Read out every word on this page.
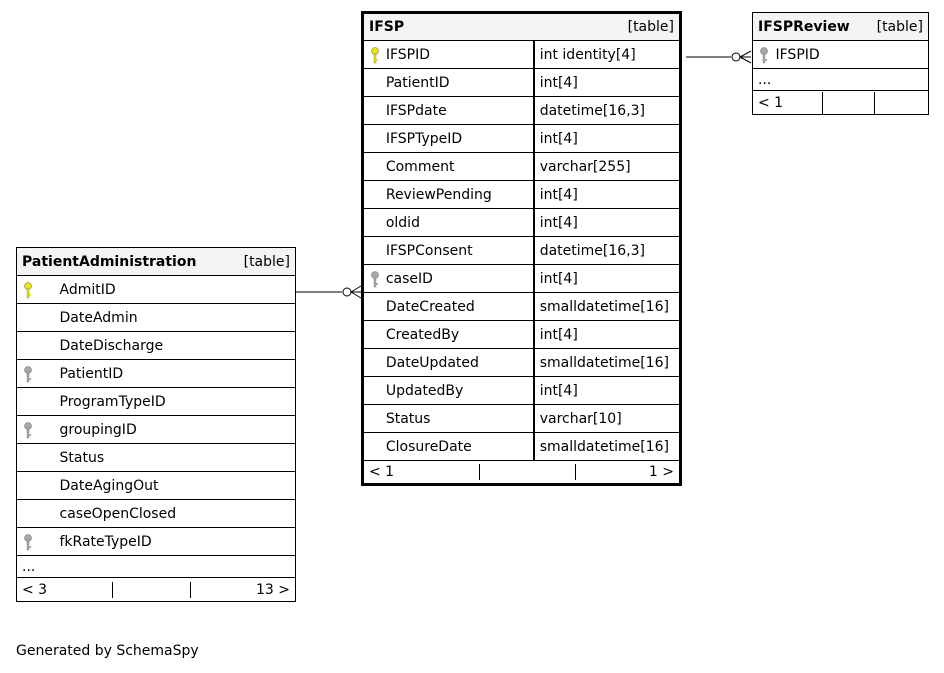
IFSP [table]		

	IFSPID	int identity[4]
	PatientID	int[4]
	IFSPdate	datetime[16,3]
	IFSPTypeID	int[4]
	Comment	varchar[255]
	ReviewPending	int[4]
	oldid	int[4]
	IFSPConsent	datetime[16,3]
	caseID	int[4]
	DateCreated	smalldatetime[16]
	CreatedBy	int[4]
	DateUpdated	smalldatetime[16]
	UpdatedBy	int[4]
	Status	varchar[10]
	ClosureDate	smalldatetime[16]

< 1 1 >		
PatientAdministration [table]	

	AdmitID
	DateAdmin
	DateDischarge
	PatientID
	ProgramTypeID
	groupingID
	Status
	DateAgingOut
	caseOpenClosed
	fkRateTypeID
...	

< 3 13 >	
IFSPReview [table]

	IFSPID
...

< 1
Generated by SchemaSpy
